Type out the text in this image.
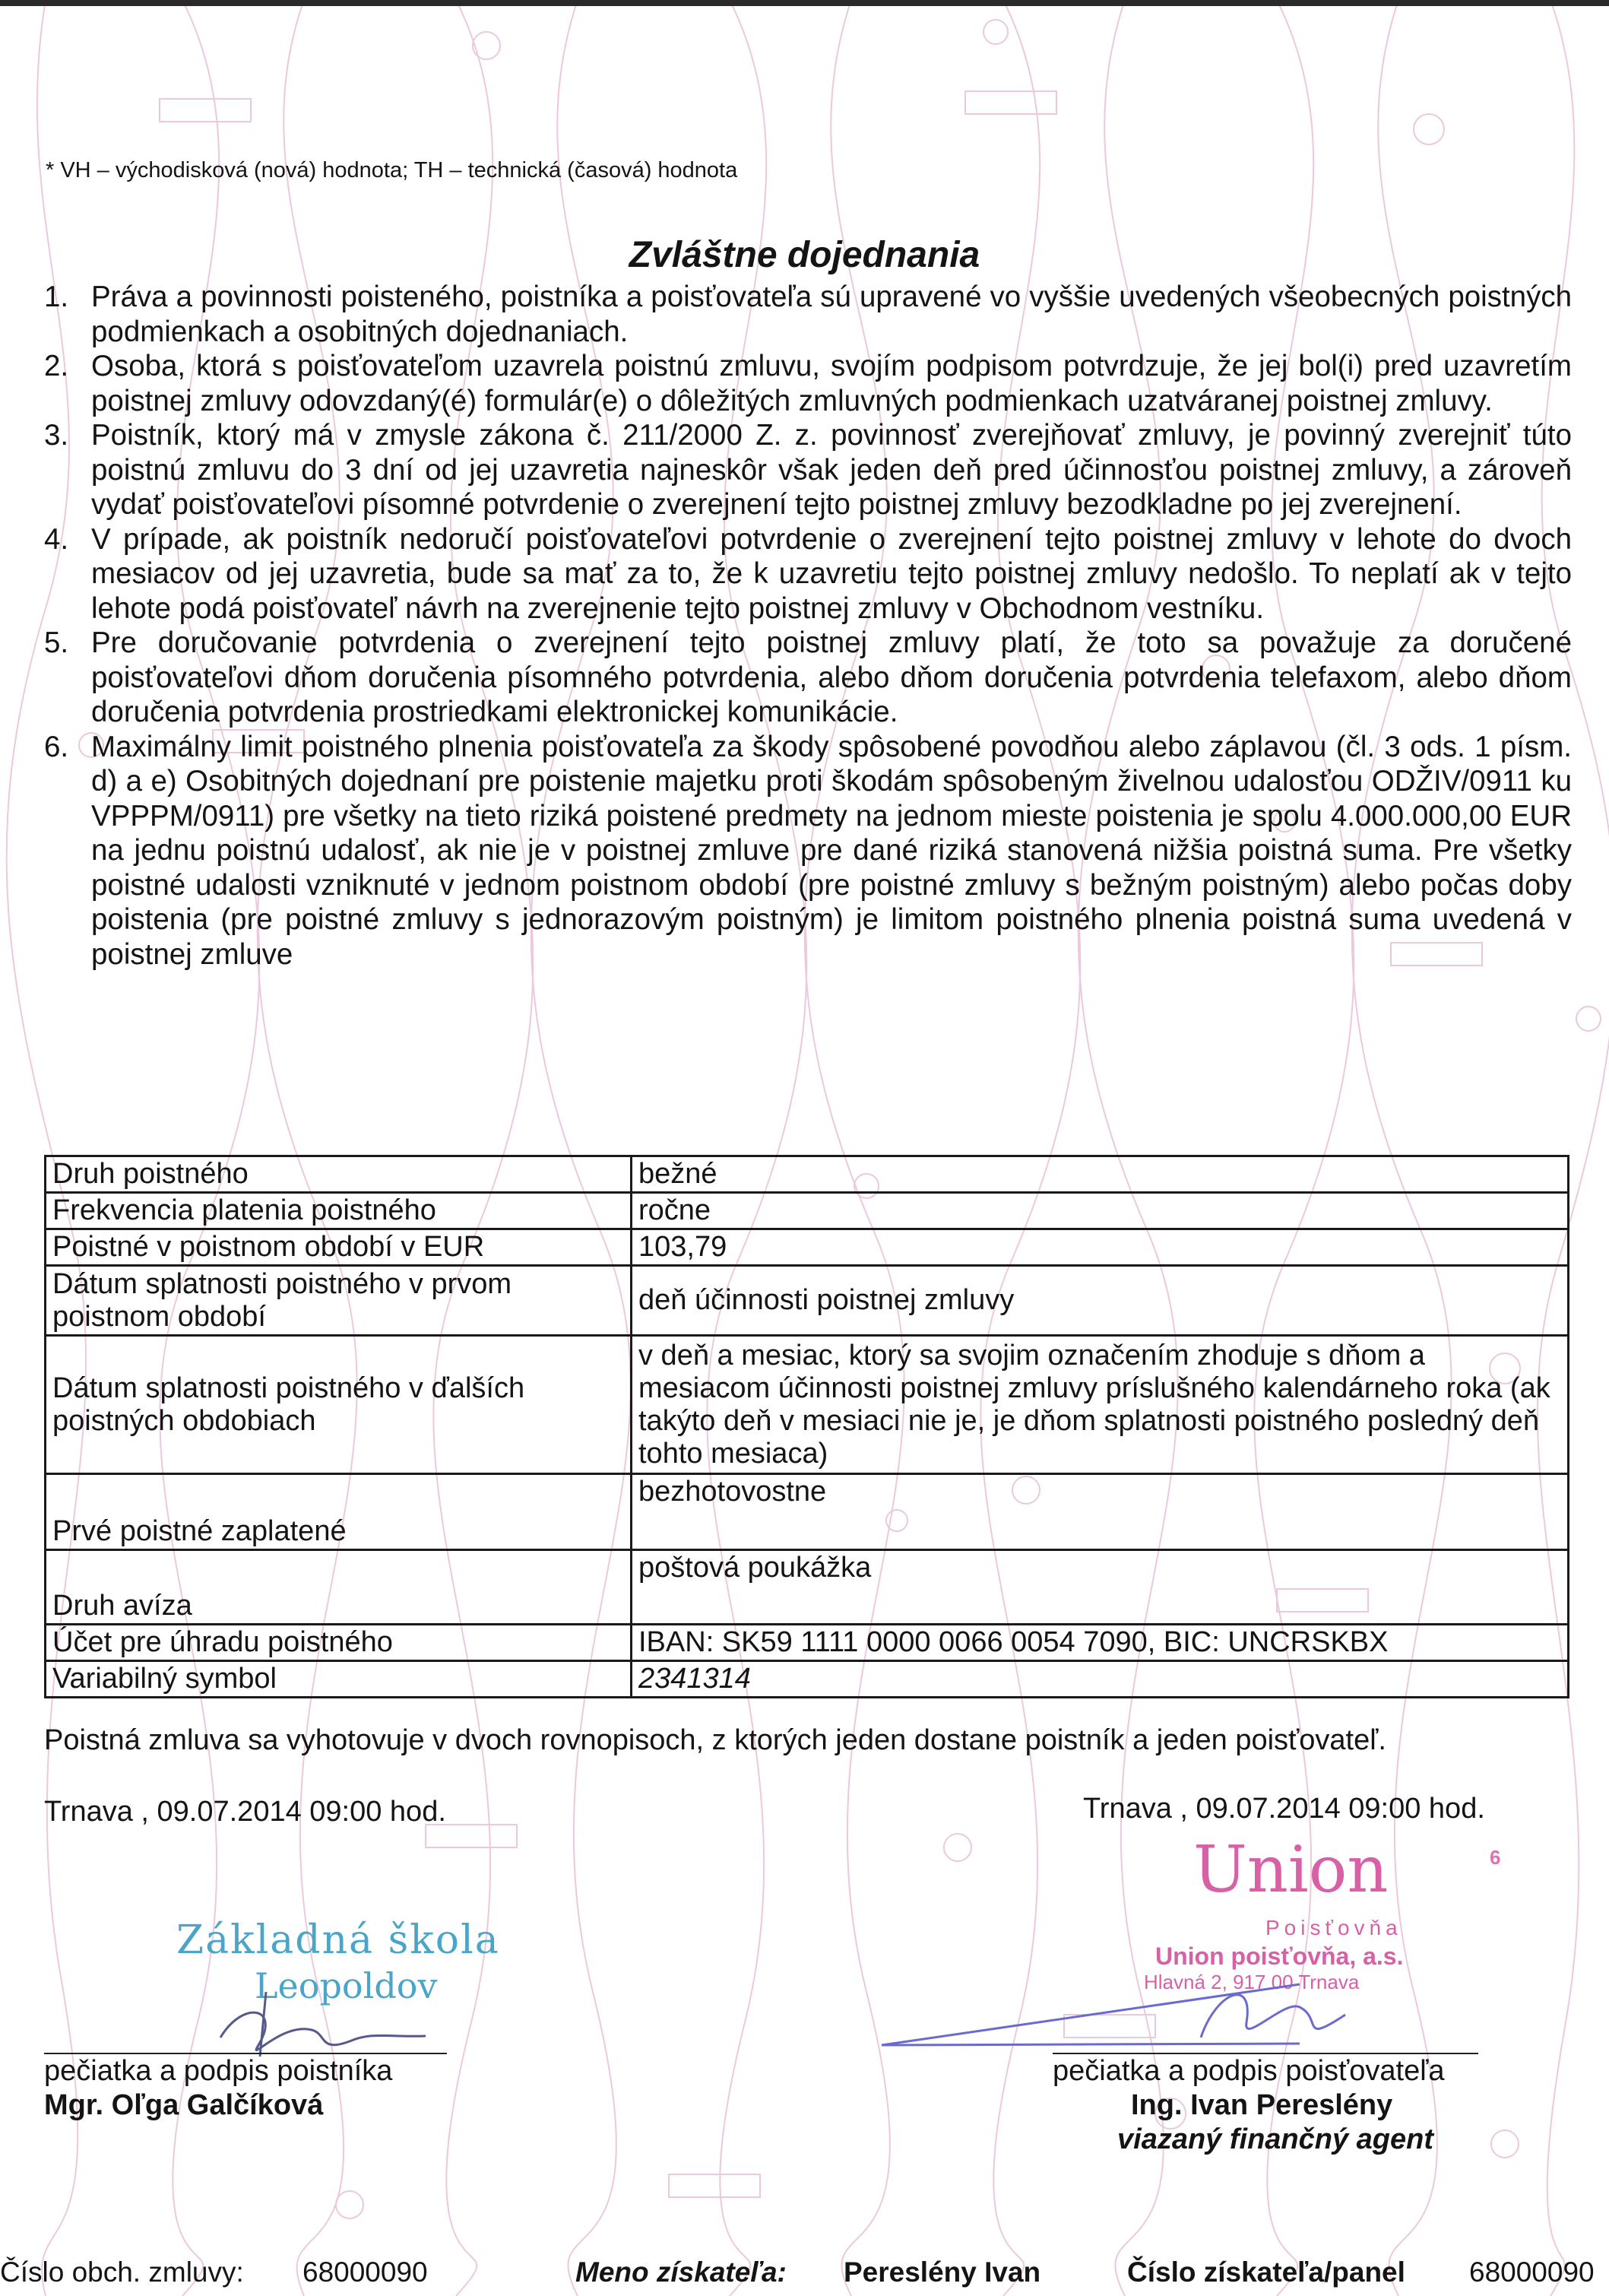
* VH – východisková (nová) hodnota; TH – technická (časová) hodnota
Zvláštne dojednania
1. Práva a povinnosti poisteného, poistníka a poisťovateľa sú upravené vo vyššie uvedených všeobecných poistných podmienkach a osobitných dojednaniach.
2. Osoba, ktorá s poisťovateľom uzavrela poistnú zmluvu, svojím podpisom potvrdzuje, že jej bol(i) pred uzavretím poistnej zmluvy odovzdaný(é) formulár(e) o dôležitých zmluvných podmienkach uzatváranej poistnej zmluvy.
3. Poistník, ktorý má v zmysle zákona č. 211/2000 Z. z. povinnosť zverejňovať zmluvy, je povinný zverejniť túto poistnú zmluvu do 3 dní od jej uzavretia najneskôr však jeden deň pred účinnosťou poistnej zmluvy, a zároveň vydať poisťovateľovi písomné potvrdenie o zverejnení tejto poistnej zmluvy bezodkladne po jej zverejnení.
4. V prípade, ak poistník nedoručí poisťovateľovi potvrdenie o zverejnení tejto poistnej zmluvy v lehote do dvoch mesiacov od jej uzavretia, bude sa mať za to, že k uzavretiu tejto poistnej zmluvy nedošlo. To neplatí ak v tejto lehote podá poisťovateľ návrh na zverejnenie tejto poistnej zmluvy v Obchodnom vestníku.
5. Pre doručovanie potvrdenia o zverejnení tejto poistnej zmluvy platí, že toto sa považuje za doručené poisťovateľovi dňom doručenia písomného potvrdenia, alebo dňom doručenia potvrdenia telefaxom, alebo dňom doručenia potvrdenia prostriedkami elektronickej komunikácie.
6. Maximálny limit poistného plnenia poisťovateľa za škody spôsobené povodňou alebo záplavou (čl. 3 ods. 1 písm. d) a e) Osobitných dojednaní pre poistenie majetku proti škodám spôsobeným živelnou udalosťou ODŽIV/0911 ku VPPPM/0911) pre všetky na tieto riziká poistené predmety na jednom mieste poistenia je spolu 4.000.000,00 EUR na jednu poistnú udalosť, ak nie je v poistnej zmluve pre dané riziká stanovená nižšia poistná suma. Pre všetky poistné udalosti vzniknuté v jednom poistnom období (pre poistné zmluvy s bežným poistným) alebo počas doby poistenia (pre poistné zmluvy s jednorazovým poistným) je limitom poistného plnenia poistná suma uvedená v poistnej zmluve
Druh poistného	bežné
Frekvencia platenia poistného	ročne
Poistné v poistnom období v EUR	103,79
Dátum splatnosti poistného v prvom poistnom období	deň účinnosti poistnej zmluvy
Dátum splatnosti poistného v ďalších poistných obdobiach	v deň a mesiac, ktorý sa svojim označením zhoduje s dňom a mesiacom účinnosti poistnej zmluvy príslušného kalendárneho roka (ak takýto deň v mesiaci nie je, je dňom splatnosti poistného posledný deň tohto mesiaca)
Prvé poistné zaplatené	bezhotovostne
Druh avíza	poštová poukážka
Účet pre úhradu poistného	IBAN: SK59 1111 0000 0066 0054 7090, BIC: UNCRSKBX
Variabilný symbol	2341314
Poistná zmluva sa vyhotovuje v dvoch rovnopisoch, z ktorých jeden dostane poistník a jeden poisťovateľ.
Trnava , 09.07.2014 09:00 hod.	Trnava , 09.07.2014 09:00 hod.
Základná škola
Leopoldov
Union
Poisťovňa
Union poisťovňa, a.s.
Hlavná 2, 917 00 Trnava
6
pečiatka a podpis poistníka
Mgr. Oľga Galčíková
pečiatka a podpis poisťovateľa
Ing. Ivan Pereslény
viazaný finančný agent
Číslo obch. zmluvy: 68000090	Meno získateľa: Pereslény Ivan	Číslo získateľa/panel 68000090
